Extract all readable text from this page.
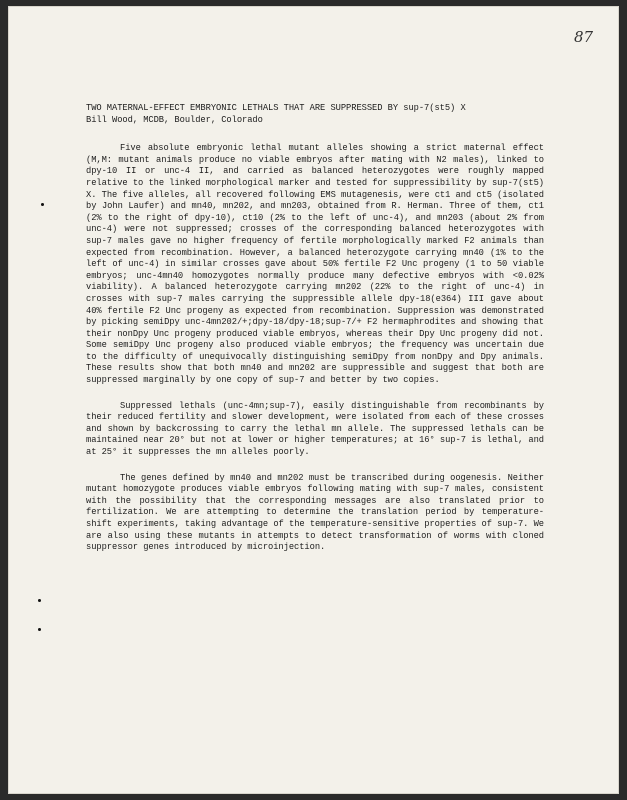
87
TWO MATERNAL-EFFECT EMBRYONIC LETHALS THAT ARE SUPPRESSED BY sup-7(st5) X
Bill Wood, MCDB, Boulder, Colorado

Five absolute embryonic lethal mutant alleles showing a strict maternal effect (M,M: mutant animals produce no viable embryos after mating with N2 males), linked to dpy-10 II or unc-4 II, and carried as balanced heterozygotes were roughly mapped relative to the linked morphological marker and tested for suppressibility by sup-7(st5) X. The five alleles, all recovered following EMS mutagenesis, were ct1 and ct5 (isolated by John Laufer) and mn40, mn202, and mn203, obtained from R. Herman. Three of them, ct1 (2% to the right of dpy-10), ct10 (2% to the left of unc-4), and mn203 (about 2% from unc-4) were not suppressed; crosses of the corresponding balanced heterozygotes with sup-7 males gave no higher frequency of fertile morphologically marked F2 animals than expected from recombination. However, a balanced heterozygote carrying mn40 (1% to the left of unc-4) in similar crosses gave about 50% fertile F2 Unc progeny (1 to 50 viable embryos; unc-4mn40 homozygotes normally produce many defective embryos with <0.02% viability). A balanced heterozygote carrying mn202 (22% to the right of unc-4) in crosses with sup-7 males carrying the suppressible allele dpy-18(e364) III gave about 40% fertile F2 Unc progeny as expected from recombination. Suppression was demonstrated by picking semiDpy unc-4mn202/+;dpy-18/dpy-18;sup-7/+ F2 hermaphrodites and showing that their nonDpy Unc progeny produced viable embryos, whereas their Dpy Unc progeny did not. Some semiDpy Unc progeny also produced viable embryos; the frequency was uncertain due to the difficulty of unequivocally distinguishing semiDpy from nonDpy and Dpy animals. These results show that both mn40 and mn202 are suppressible and suggest that both are suppressed marginally by one copy of sup-7 and better by two copies.

Suppressed lethals (unc-4mn;sup-7), easily distinguishable from recombinants by their reduced fertility and slower development, were isolated from each of these crosses and shown by backcrossing to carry the lethal mn allele. The suppressed lethals can be maintained near 20° but not at lower or higher temperatures; at 16° sup-7 is lethal, and at 25° it suppresses the mn alleles poorly.

The genes defined by mn40 and mn202 must be transcribed during oogenesis. Neither mutant homozygote produces viable embryos following mating with sup-7 males, consistent with the possibility that the corresponding messages are also translated prior to fertilization. We are attempting to determine the translation period by temperature-shift experiments, taking advantage of the temperature-sensitive properties of sup-7. We are also using these mutants in attempts to detect transformation of worms with cloned suppressor genes introduced by microinjection.
